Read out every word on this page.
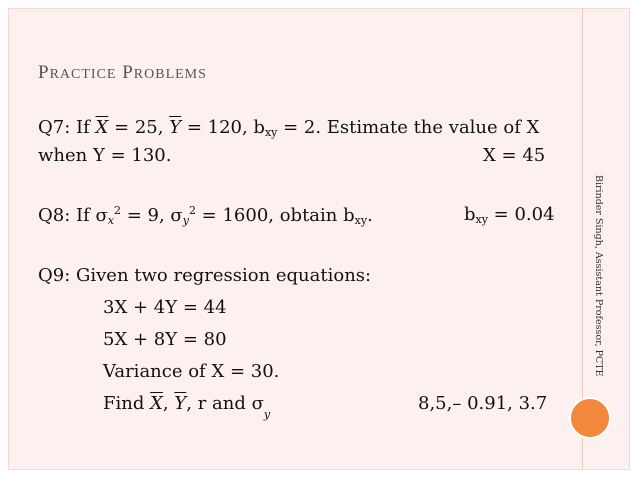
PRACTICE PROBLEMS
Q7: If $\overline{X} = 25$, $\overline{Y} = 120$, $b_{xy} = 2$. Estimate the value of X
when Y = 130.	X = 45
Q8: If $\sigma_x^2 = 9$, $\sigma_y^2 = 1600$, obtain $b_{xy}$.	$b_{xy} = 0.04$
Q9: Given two regression equations:
3X + 4Y = 44
5X + 8Y = 80
Variance of X = 30.
Find $\overline{X}$, $\overline{Y}$, r and $\sigma_y$
8,5,– 0.91, 3.7
Birinder Singh, Assistant Professor, PCTE
